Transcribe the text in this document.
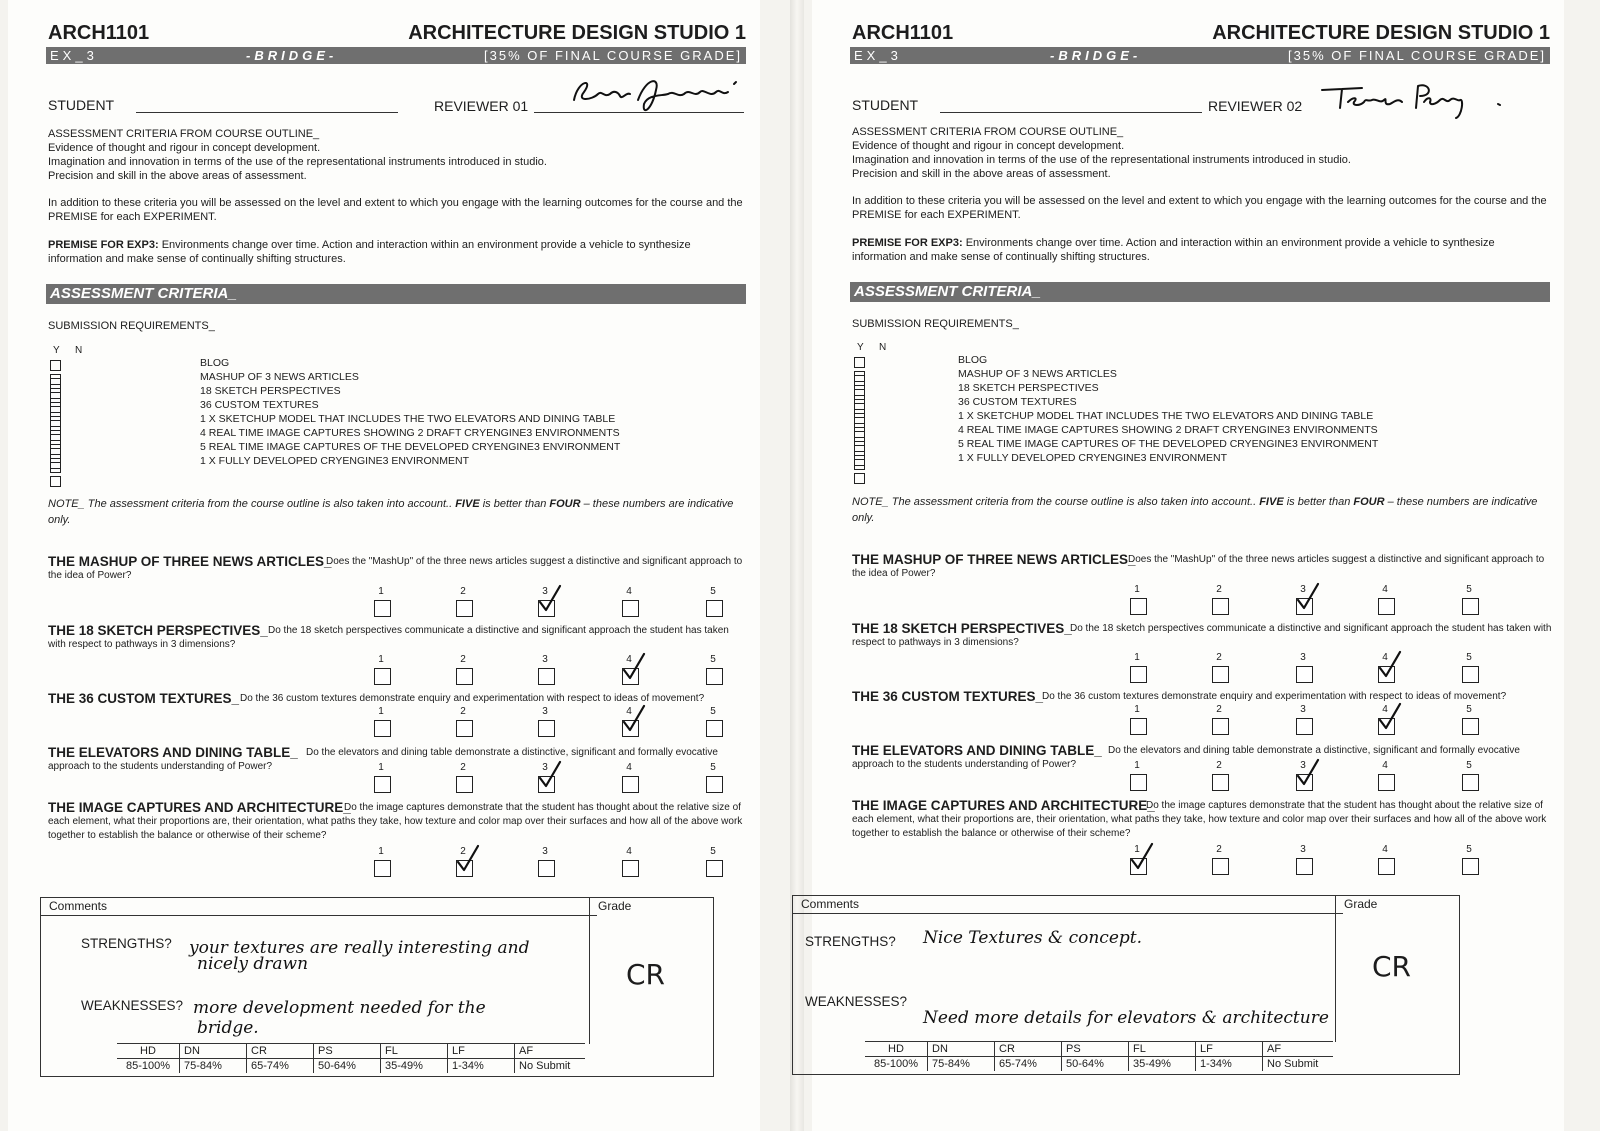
ARCH1101	ARCHITECTURE DESIGN STUDIO 1
EX_3	-BRIDGE-	[35% OF FINAL COURSE GRADE]
STUDENT	REVIEWER 01
ASSESSMENT CRITERIA FROM COURSE OUTLINE_
Evidence of thought and rigour in concept development.
Imagination and innovation in terms of the use of the representational instruments introduced in studio.
Precision and skill in the above areas of assessment.
In addition to these criteria you will be assessed on the level and extent to which you engage with the learning outcomes for the course and the PREMISE for each EXPERIMENT.
PREMISE FOR EXP3: Environments change over time. Action and interaction within an environment provide a vehicle to synthesize information and make sense of continually shifting structures.
ASSESSMENT CRITERIA_
SUBMISSION REQUIREMENTS_
Y N
BLOG
MASHUP OF 3 NEWS ARTICLES
18 SKETCH PERSPECTIVES
36 CUSTOM TEXTURES
1 X SKETCHUP MODEL THAT INCLUDES THE TWO ELEVATORS AND DINING TABLE
4 REAL TIME IMAGE CAPTURES SHOWING 2 DRAFT CRYENGINE3 ENVIRONMENTS
5 REAL TIME IMAGE CAPTURES OF THE DEVELOPED CRYENGINE3 ENVIRONMENT
1 X FULLY DEVELOPED CRYENGINE3 ENVIRONMENT
NOTE_ The assessment criteria from the course outline is also taken into account.. FIVE is better than FOUR – these numbers are indicative only.
THE MASHUP OF THREE NEWS ARTICLES_
Does the "MashUp" of the three news articles suggest a distinctive and significant approach to the idea of Power?
THE 18 SKETCH PERSPECTIVES_ Do the 18 sketch perspectives communicate a distinctive and significant approach the student has taken with respect to pathways in 3 dimensions?
THE 36 CUSTOM TEXTURES_ Do the 36 custom textures demonstrate enquiry and experimentation with respect to ideas of movement?
THE ELEVATORS AND DINING TABLE_ Do the elevators and dining table demonstrate a distinctive, significant and formally evocative approach to the students understanding of Power?
THE IMAGE CAPTURES AND ARCHITECTURE_
Do the image captures demonstrate that the student has thought about the relative size of each element, what their proportions are, their orientation, what paths they take, how texture and color map over their surfaces and how all of the above work together to establish the balance or otherwise of their scheme?
1	2	3	4	5
1	2	3	4	5
1	2	3	4	5
1	2	3	4	5
1	2	3	4	5
Comments	Grade
CR
STRENGTHS? your textures are really interesting and
nicely drawn
WEAKNESSES? more development needed for the
bridge.
HD	DN	CR	PS	FL	LF	AF
85-100%	75-84%	65-74%	50-64%	35-49%	1-34%	No Submit
ARCH1101	ARCHITECTURE DESIGN STUDIO 1
EX_3	-BRIDGE-	[35% OF FINAL COURSE GRADE]
STUDENT	REVIEWER 02
ASSESSMENT CRITERIA FROM COURSE OUTLINE_
Evidence of thought and rigour in concept development.
Imagination and innovation in terms of the use of the representational instruments introduced in studio.
Precision and skill in the above areas of assessment.
In addition to these criteria you will be assessed on the level and extent to which you engage with the learning outcomes for the course and the PREMISE for each EXPERIMENT.
PREMISE FOR EXP3: Environments change over time. Action and interaction within an environment provide a vehicle to synthesize information and make sense of continually shifting structures.
ASSESSMENT CRITERIA_
SUBMISSION REQUIREMENTS_
Y N
BLOG
MASHUP OF 3 NEWS ARTICLES
18 SKETCH PERSPECTIVES
36 CUSTOM TEXTURES
1 X SKETCHUP MODEL THAT INCLUDES THE TWO ELEVATORS AND DINING TABLE
4 REAL TIME IMAGE CAPTURES SHOWING 2 DRAFT CRYENGINE3 ENVIRONMENTS
5 REAL TIME IMAGE CAPTURES OF THE DEVELOPED CRYENGINE3 ENVIRONMENT
1 X FULLY DEVELOPED CRYENGINE3 ENVIRONMENT
NOTE_ The assessment criteria from the course outline is also taken into account.. FIVE is better than FOUR – these numbers are indicative only.
THE MASHUP OF THREE NEWS ARTICLES_
Does the "MashUp" of the three news articles suggest a distinctive and significant approach to the idea of Power?
THE 18 SKETCH PERSPECTIVES_
Do the 18 sketch perspectives communicate a distinctive and significant approach the student has taken with respect to pathways in 3 dimensions?
THE 36 CUSTOM TEXTURES_
Do the 36 custom textures demonstrate enquiry and experimentation with respect to ideas of movement?
THE ELEVATORS AND DINING TABLE_ Do the elevators and dining table demonstrate a distinctive, significant and formally evocative approach to the students understanding of Power?
THE IMAGE CAPTURES AND ARCHITECTURE_
Do the image captures demonstrate that the student has thought about the relative size of each element, what their proportions are, their orientation, what paths they take, how texture and color map over their surfaces and how all of the above work together to establish the balance or otherwise of their scheme?
1	2	3	4	5
1	2	3	4	5
1	2	3	4	5
1	2	3	4	5
1	2	3	4	5
Comments	Grade
CR
STRENGTHS? Nice Textures & concept.
WEAKNESSES?
Need more details for elevators & architecture
HD	DN	CR	PS	FL	LF	AF
85-100%	75-84%	65-74%	50-64%	35-49%	1-34%	No Submit
